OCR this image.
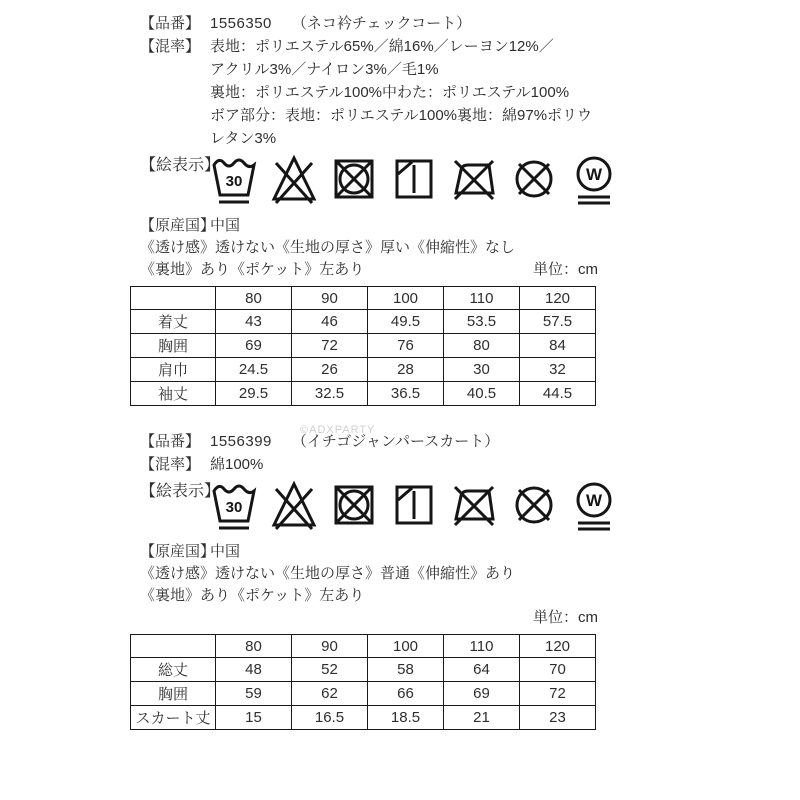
【品番】 1556350 （ネコ衿チェックコート）
【混率】 表地：ポリエステル65%／綿16%／レーヨン12%／
アクリル3%／ナイロン3%／毛1%
裏地：ポリエステル100%中わた：ポリエステル100%
ボア部分：表地：ポリエステル100%裏地：綿97%ポリウレタン3%
【絵表示】
30	W
【原産国】
中国
《透け感》透けない《生地の厚さ》厚い《伸縮性》なし
《裏地》あり《ポケット》左あり	単位：cm
	80	90	100	110	120
着丈	43	46	49.5	53.5	57.5
胸囲	69	72	76	80	84
肩巾	24.5	26	28	30	32
袖丈	29.5	32.5	36.5	40.5	44.5
©ADXPARTY
【品番】 1556399 （イチゴジャンパースカート）
【混率】 綿100%
【絵表示】
30	W
【原産国】
中国
《透け感》透けない《生地の厚さ》普通《伸縮性》あり
《裏地》あり《ポケット》左あり
単位：cm
	80	90	100	110	120
総丈	48	52	58	64	70
胸囲	59	62	66	69	72
スカート丈	15	16.5	18.5	21	23
